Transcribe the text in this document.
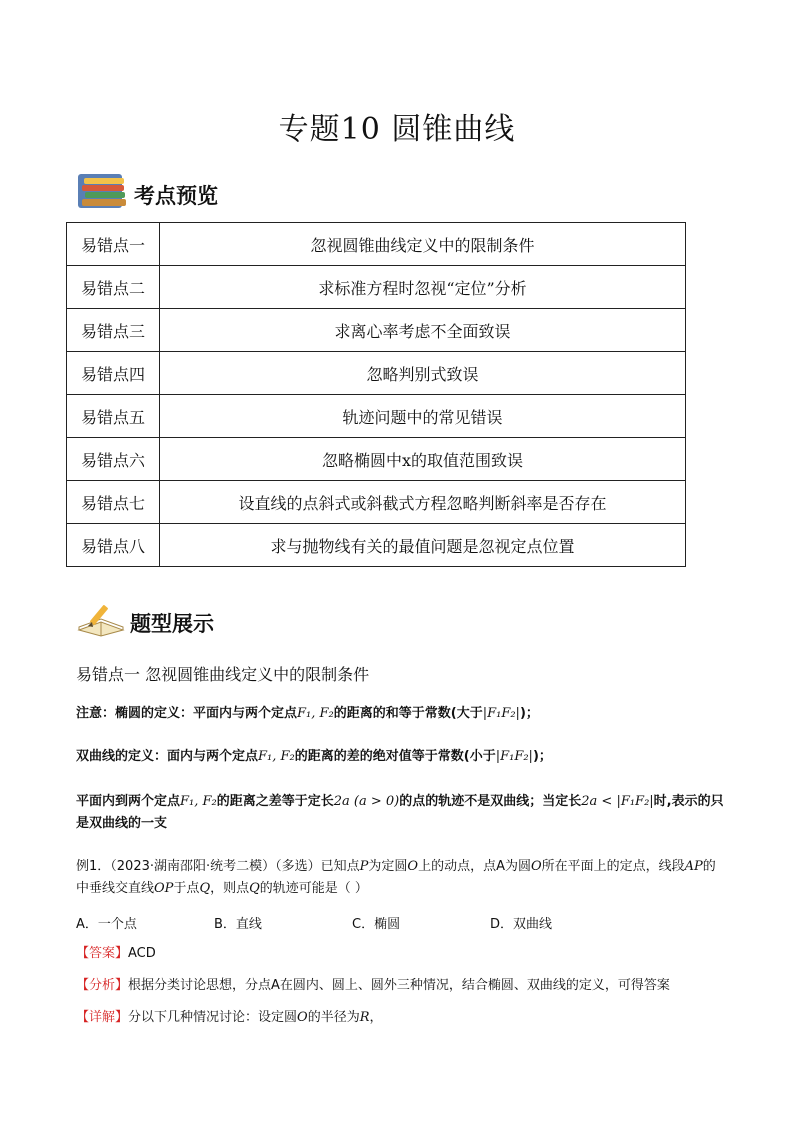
专题10 圆锥曲线
考点预览
易错点一	忽视圆锥曲线定义中的限制条件
易错点二	求标准方程时忽视“定位”分析
易错点三	求离心率考虑不全面致误
易错点四	忽略判别式致误
易错点五	轨迹问题中的常见错误
易错点六	忽略椭圆中x的取值范围致误
易错点七	设直线的点斜式或斜截式方程忽略判断斜率是否存在
易错点八	求与抛物线有关的最值问题是忽视定点位置
题型展示
易错点一 忽视圆锥曲线定义中的限制条件
注意：椭圆的定义：平面内与两个定点F₁, F₂的距离的和等于常数(大于|F₁F₂|)；
双曲线的定义：面内与两个定点F₁, F₂的距离的差的绝对值等于常数(小于|F₁F₂|)；
平面内到两个定点F₁, F₂的距离之差等于定长2a (a > 0)的点的轨迹不是双曲线；当定长2a < |F₁F₂|时,表示的只是双曲线的一支
例1．（2023·湖南邵阳·统考二模）（多选）已知点P为定圆O上的动点，点A为圆O所在平面上的定点，线段AP的中垂线交直线OP于点Q，则点Q的轨迹可能是（ ）
A．一个点	B．直线	C．椭圆	D．双曲线
【答案】ACD
【分析】根据分类讨论思想，分点A在圆内、圆上、圆外三种情况，结合椭圆、双曲线的定义，可得答案
【详解】分以下几种情况讨论：设定圆O的半径为R，
